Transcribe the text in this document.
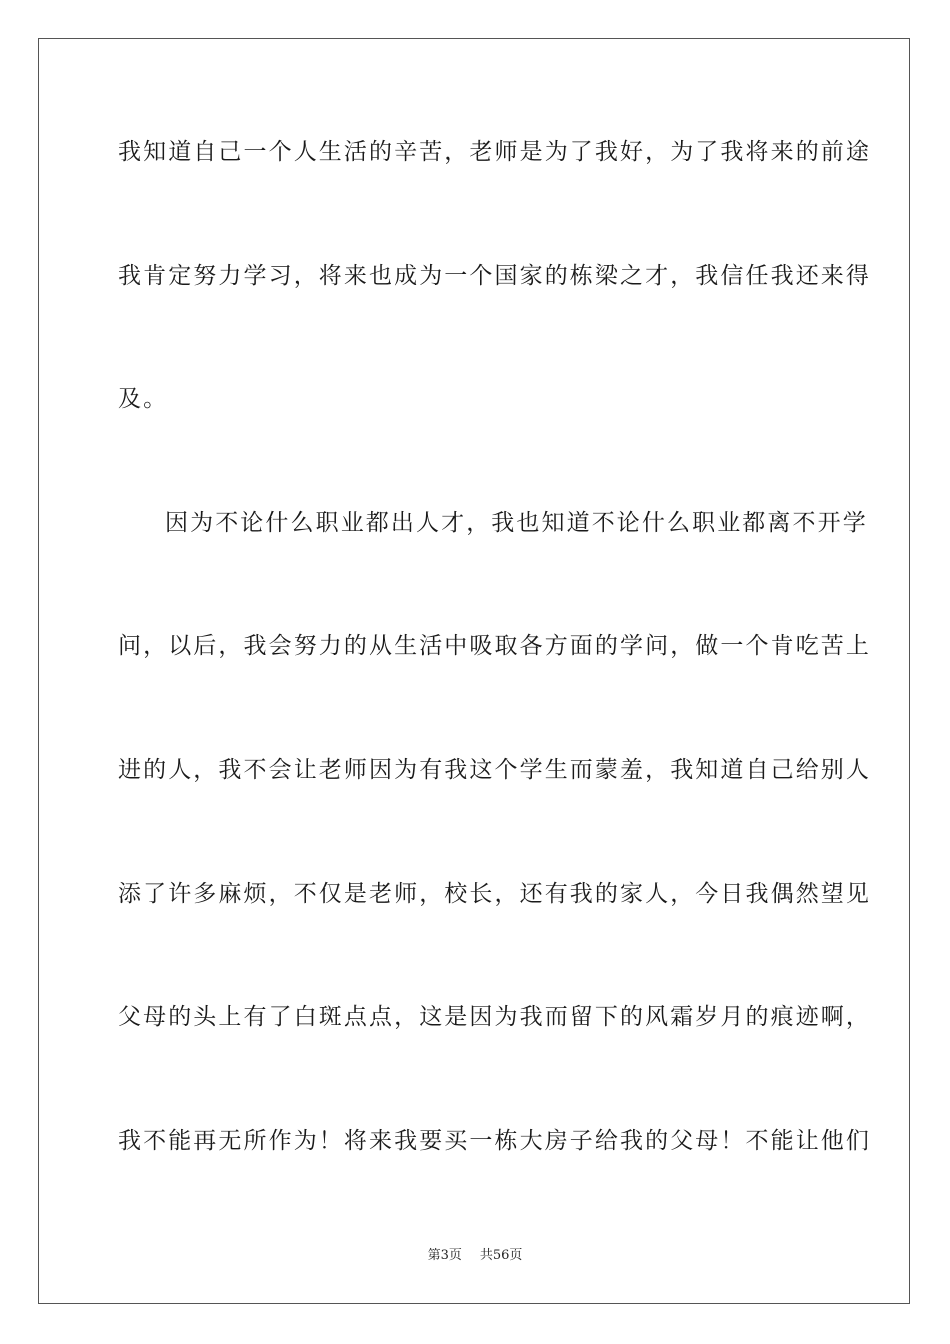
我知道自己一个人生活的辛苦，老师是为了我好，为了我将来的前途
我肯定努力学习，将来也成为一个国家的栋梁之才，我信任我还来得
及。
因为不论什么职业都出人才，我也知道不论什么职业都离不开学
问，以后，我会努力的从生活中吸取各方面的学问，做一个肯吃苦上
进的人，我不会让老师因为有我这个学生而蒙羞，我知道自己给别人
添了许多麻烦，不仅是老师，校长，还有我的家人，今日我偶然望见
父母的头上有了白斑点点，这是因为我而留下的风霜岁月的痕迹啊，
我不能再无所作为！将来我要买一栋大房子给我的父母！不能让他们
第3页 共56页
